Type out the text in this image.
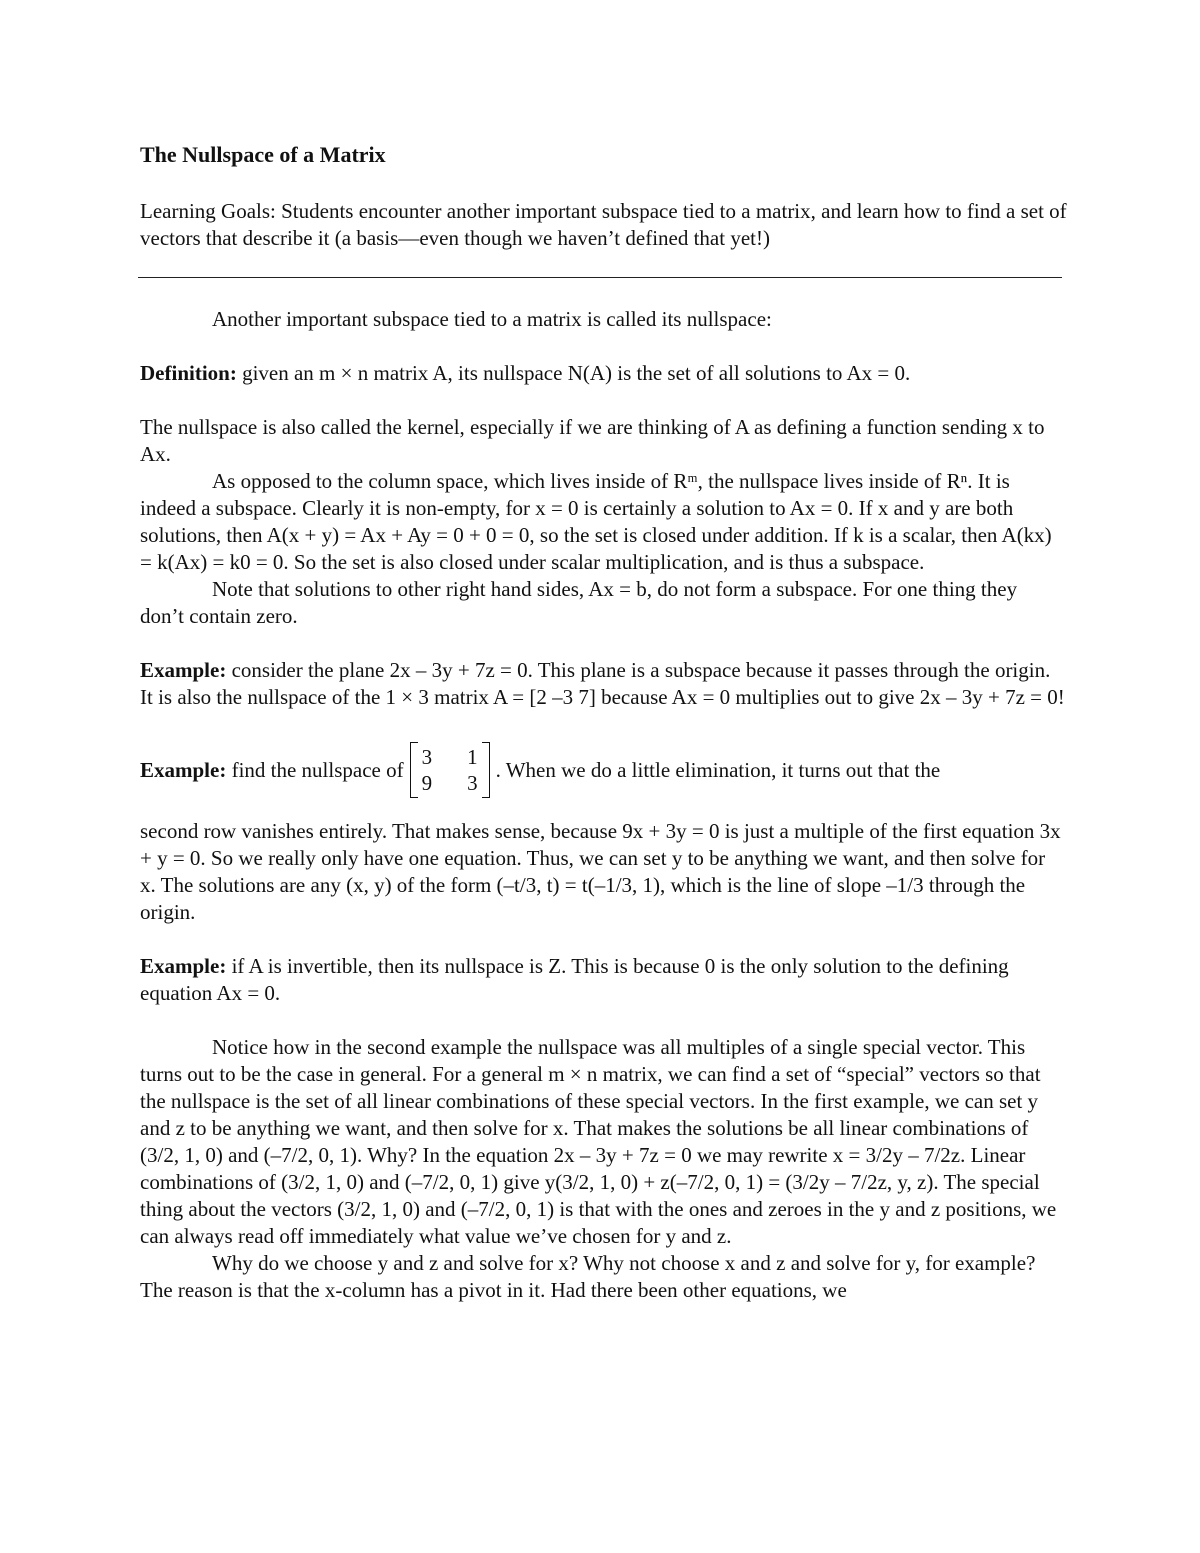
The Nullspace of a Matrix

Learning Goals: Students encounter another important subspace tied to a matrix, and learn how to find a set of vectors that describe it (a basis—even though we haven’t defined that yet!)

Another important subspace tied to a matrix is called its nullspace:

Definition: given an m × n matrix A, its nullspace N(A) is the set of all solutions to Ax = 0.

The nullspace is also called the kernel, especially if we are thinking of A as defining a function sending x to Ax.

As opposed to the column space, which lives inside of Rᵐ, the nullspace lives inside of Rⁿ. It is indeed a subspace. Clearly it is non-empty, for x = 0 is certainly a solution to Ax = 0. If x and y are both solutions, then A(x + y) = Ax + Ay = 0 + 0 = 0, so the set is closed under addition. If k is a scalar, then A(kx) = k(Ax) = k0 = 0. So the set is also closed under scalar multiplication, and is thus a subspace.

Note that solutions to other right hand sides, Ax = b, do not form a subspace. For one thing they don’t contain zero.

Example: consider the plane 2x – 3y + 7z = 0. This plane is a subspace because it passes through the origin. It is also the nullspace of the 1 × 3 matrix A = [2 –3 7] because Ax = 0 multiplies out to give 2x – 3y + 7z = 0!

Example:
find the nullspace of
3	1
9	3
. When we do a little elimination, it turns out that the

second row vanishes entirely. That makes sense, because 9x + 3y = 0 is just a multiple of the first equation 3x + y = 0. So we really only have one equation. Thus, we can set y to be anything we want, and then solve for x. The solutions are any (x, y) of the form (–t/3, t) = t(–1/3, 1), which is the line of slope –1/3 through the origin.

Example: if A is invertible, then its nullspace is Z. This is because 0 is the only solution to the defining equation Ax = 0.

Notice how in the second example the nullspace was all multiples of a single special vector. This turns out to be the case in general. For a general m × n matrix, we can find a set of “special” vectors so that the nullspace is the set of all linear combinations of these special vectors. In the first example, we can set y and z to be anything we want, and then solve for x. That makes the solutions be all linear combinations of (3/2, 1, 0) and (–7/2, 0, 1). Why? In the equation 2x – 3y + 7z = 0 we may rewrite x = 3/2y – 7/2z. Linear combinations of (3/2, 1, 0) and (–7/2, 0, 1) give y(3/2, 1, 0) + z(–7/2, 0, 1) = (3/2y – 7/2z, y, z). The special thing about the vectors (3/2, 1, 0) and (–7/2, 0, 1) is that with the ones and zeroes in the y and z positions, we can always read off immediately what value we’ve chosen for y and z.

Why do we choose y and z and solve for x? Why not choose x and z and solve for y, for example? The reason is that the x-column has a pivot in it. Had there been other equations, we
